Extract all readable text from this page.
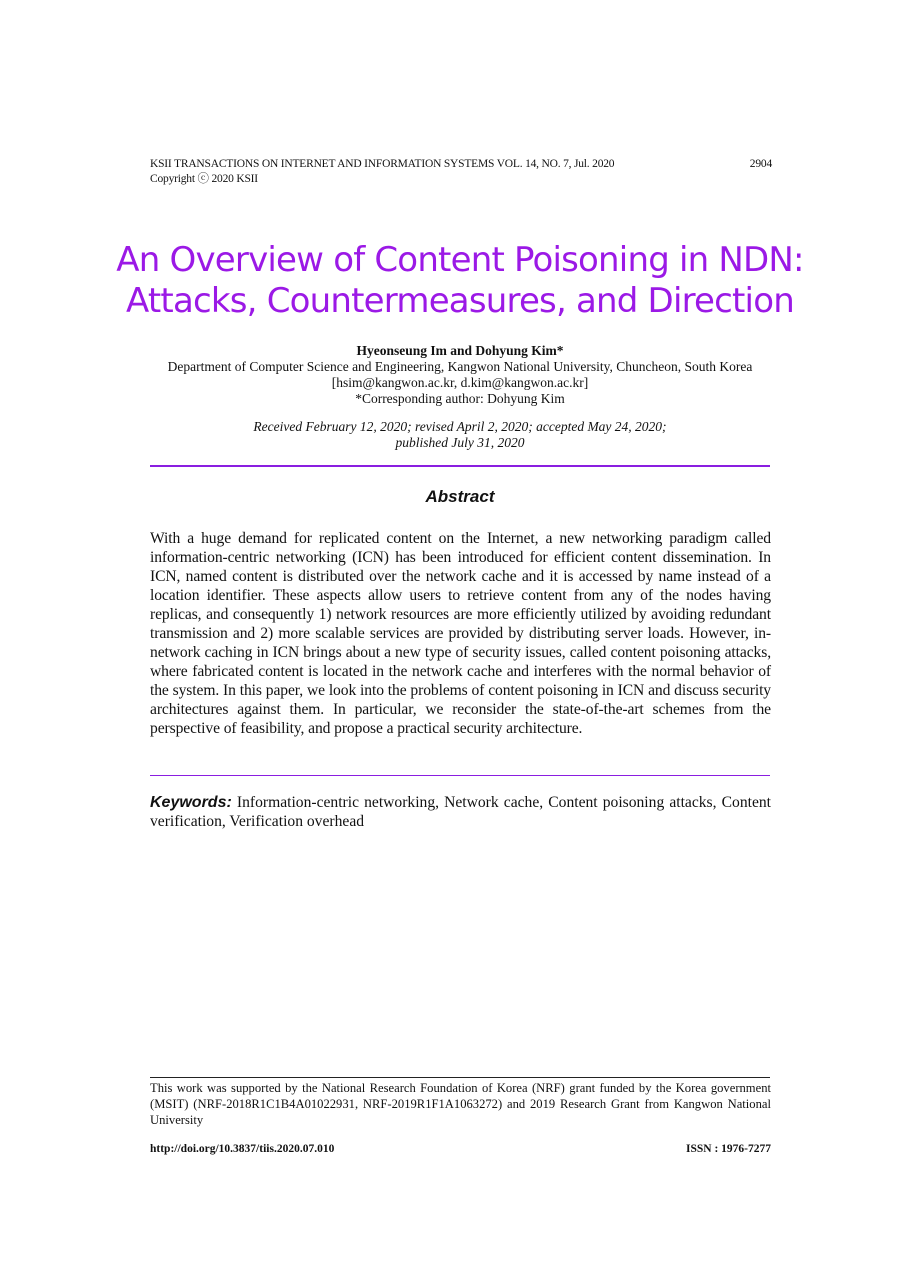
KSII TRANSACTIONS ON INTERNET AND INFORMATION SYSTEMS VOL. 14, NO. 7, Jul. 2020	2904
Copyright ⓒ 2020 KSII
An Overview of Content Poisoning in NDN:
Attacks, Countermeasures, and Direction
Hyeonseung Im and Dohyung Kim*
Department of Computer Science and Engineering, Kangwon National University, Chuncheon, South Korea
[hsim@kangwon.ac.kr, d.kim@kangwon.ac.kr]
*Corresponding author: Dohyung Kim
Received February 12, 2020; revised April 2, 2020; accepted May 24, 2020;
published July 31, 2020
Abstract
With a huge demand for replicated content on the Internet, a new networking paradigm called information-centric networking (ICN) has been introduced for efficient content dissemination. In ICN, named content is distributed over the network cache and it is accessed by name instead of a location identifier. These aspects allow users to retrieve content from any of the nodes having replicas, and consequently 1) network resources are more efficiently utilized by avoiding redundant transmission and 2) more scalable services are provided by distributing server loads. However, in-network caching in ICN brings about a new type of security issues, called content poisoning attacks, where fabricated content is located in the network cache and interferes with the normal behavior of the system. In this paper, we look into the problems of content poisoning in ICN and discuss security architectures against them. In particular, we reconsider the state-of-the-art schemes from the perspective of feasibility, and propose a practical security architecture.
Keywords: Information-centric networking, Network cache, Content poisoning attacks, Content verification, Verification overhead
This work was supported by the National Research Foundation of Korea (NRF) grant funded by the Korea government (MSIT) (NRF-2018R1C1B4A01022931, NRF-2019R1F1A1063272) and 2019 Research Grant from Kangwon National University
http://doi.org/10.3837/tiis.2020.07.010	ISSN : 1976-7277
